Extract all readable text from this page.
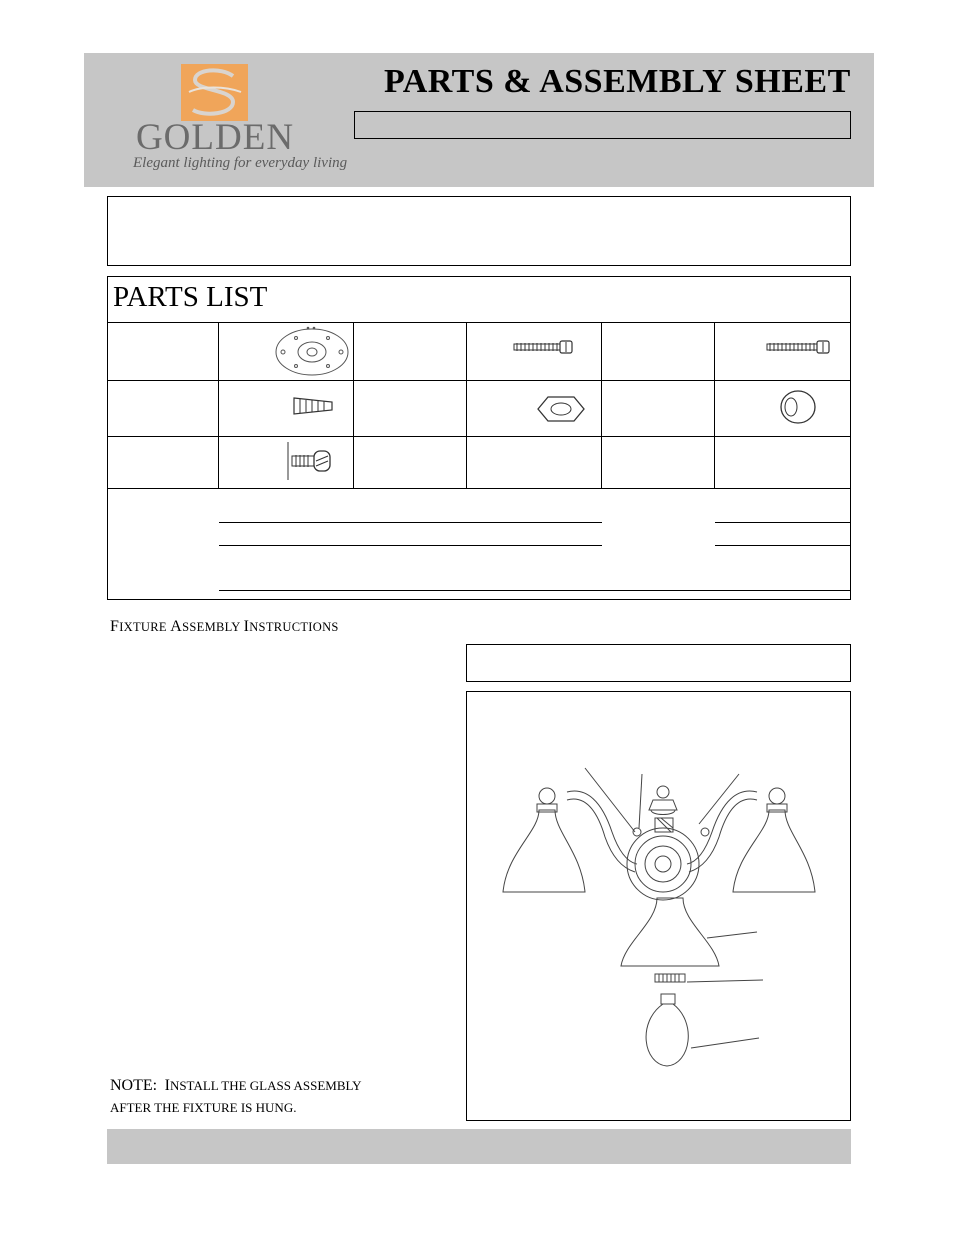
GOLDEN
Elegant lighting for everyday living
PARTS & ASSEMBLY SHEET
PARTS LIST
FIXTURE ASSEMBLY INSTRUCTIONS
NOTE: INSTALL THE GLASS ASSEMBLY
AFTER THE FIXTURE IS HUNG.
